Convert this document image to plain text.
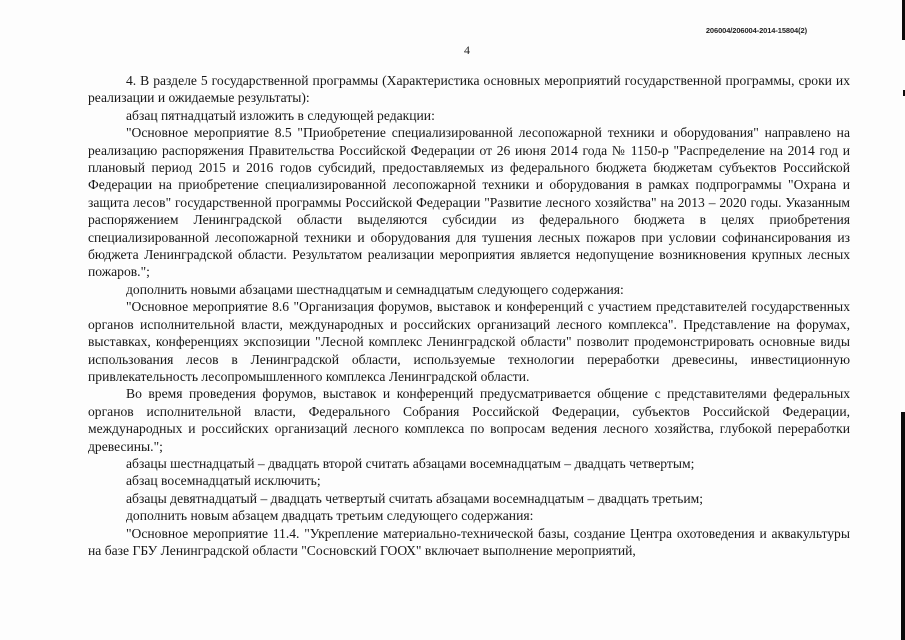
206004/206004-2014-15804(2)
4

4. В разделе 5 государственной программы (Характеристика основных мероприятий государственной программы, сроки их реализации и ожидаемые результаты):

абзац пятнадцатый изложить в следующей редакции:

"Основное мероприятие 8.5 "Приобретение специализированной лесопожарной техники и оборудования" направлено на реализацию распоряжения Правительства Российской Федерации от 26 июня 2014 года № 1150-р "Распределение на 2014 год и плановый период 2015 и 2016 годов субсидий, предоставляемых из федерального бюджета бюджетам субъектов Российской Федерации на приобретение специализированной лесопожарной техники и оборудования в рамках подпрограммы "Охрана и защита лесов" государственной программы Российской Федерации "Развитие лесного хозяйства" на 2013 – 2020 годы. Указанным распоряжением Ленинградской области выделяются субсидии из федерального бюджета в целях приобретения специализированной лесопожарной техники и оборудования для тушения лесных пожаров при условии софинансирования из бюджета Ленинградской области. Результатом реализации мероприятия является недопущение возникновения крупных лесных пожаров.";

дополнить новыми абзацами шестнадцатым и семнадцатым следующего содержания:

"Основное мероприятие 8.6 "Организация форумов, выставок и конференций с участием представителей государственных органов исполнительной власти, международных и российских организаций лесного комплекса". Представление на форумах, выставках, конференциях экспозиции "Лесной комплекс Ленинградской области" позволит продемонстрировать основные виды использования лесов в Ленинградской области, используемые технологии переработки древесины, инвестиционную привлекательность лесопромышленного комплекса Ленинградской области.

Во время проведения форумов, выставок и конференций предусматривается общение с представителями федеральных органов исполнительной власти, Федерального Собрания Российской Федерации, субъектов Российской Федерации, международных и российских организаций лесного комплекса по вопросам ведения лесного хозяйства, глубокой переработки древесины.";

абзацы шестнадцатый – двадцать второй считать абзацами восемнадцатым – двадцать четвертым;

абзац восемнадцатый исключить;

абзацы девятнадцатый – двадцать четвертый считать абзацами восемнадцатым – двадцать третьим;

дополнить новым абзацем двадцать третьим следующего содержания:

"Основное мероприятие 11.4. "Укрепление материально-технической базы, создание Центра охотоведения и аквакультуры на базе ГБУ Ленинградской области "Сосновский ГООХ" включает выполнение мероприятий,
